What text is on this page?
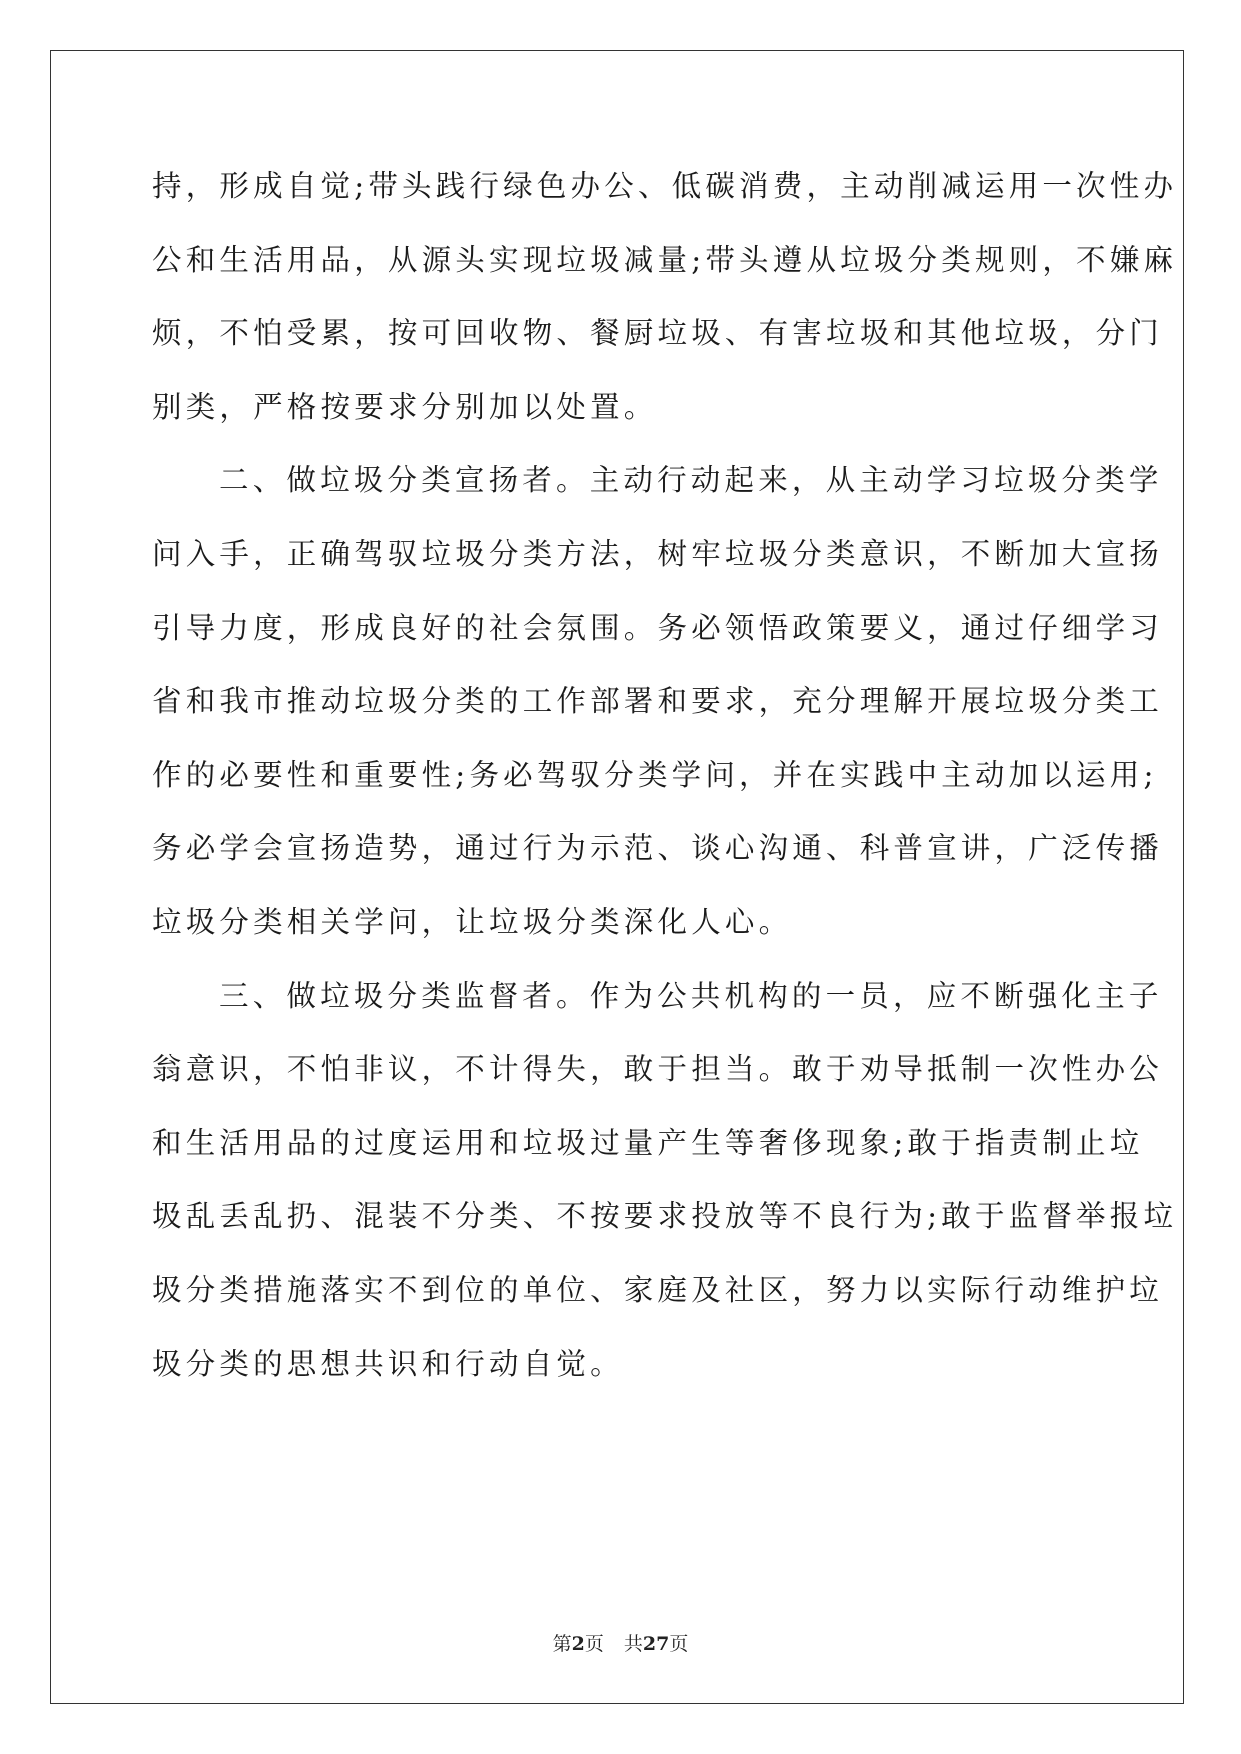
持，形成自觉;带头践行绿色办公、低碳消费，主动削减运用一次性办
公和生活用品，从源头实现垃圾减量;带头遵从垃圾分类规则，不嫌麻
烦，不怕受累，按可回收物、餐厨垃圾、有害垃圾和其他垃圾，分门
别类，严格按要求分别加以处置。

二、做垃圾分类宣扬者。主动行动起来，从主动学习垃圾分类学
问入手，正确驾驭垃圾分类方法，树牢垃圾分类意识，不断加大宣扬
引导力度，形成良好的社会氛围。务必领悟政策要义，通过仔细学习
省和我市推动垃圾分类的工作部署和要求，充分理解开展垃圾分类工
作的必要性和重要性;务必驾驭分类学问，并在实践中主动加以运用;
务必学会宣扬造势，通过行为示范、谈心沟通、科普宣讲，广泛传播
垃圾分类相关学问，让垃圾分类深化人心。

三、做垃圾分类监督者。作为公共机构的一员，应不断强化主子
翁意识，不怕非议，不计得失，敢于担当。敢于劝导抵制一次性办公
和生活用品的过度运用和垃圾过量产生等奢侈现象;敢于指责制止垃
圾乱丢乱扔、混装不分类、不按要求投放等不良行为;敢于监督举报垃
圾分类措施落实不到位的单位、家庭及社区，努力以实际行动维护垃
圾分类的思想共识和行动自觉。

第2页 共27页
